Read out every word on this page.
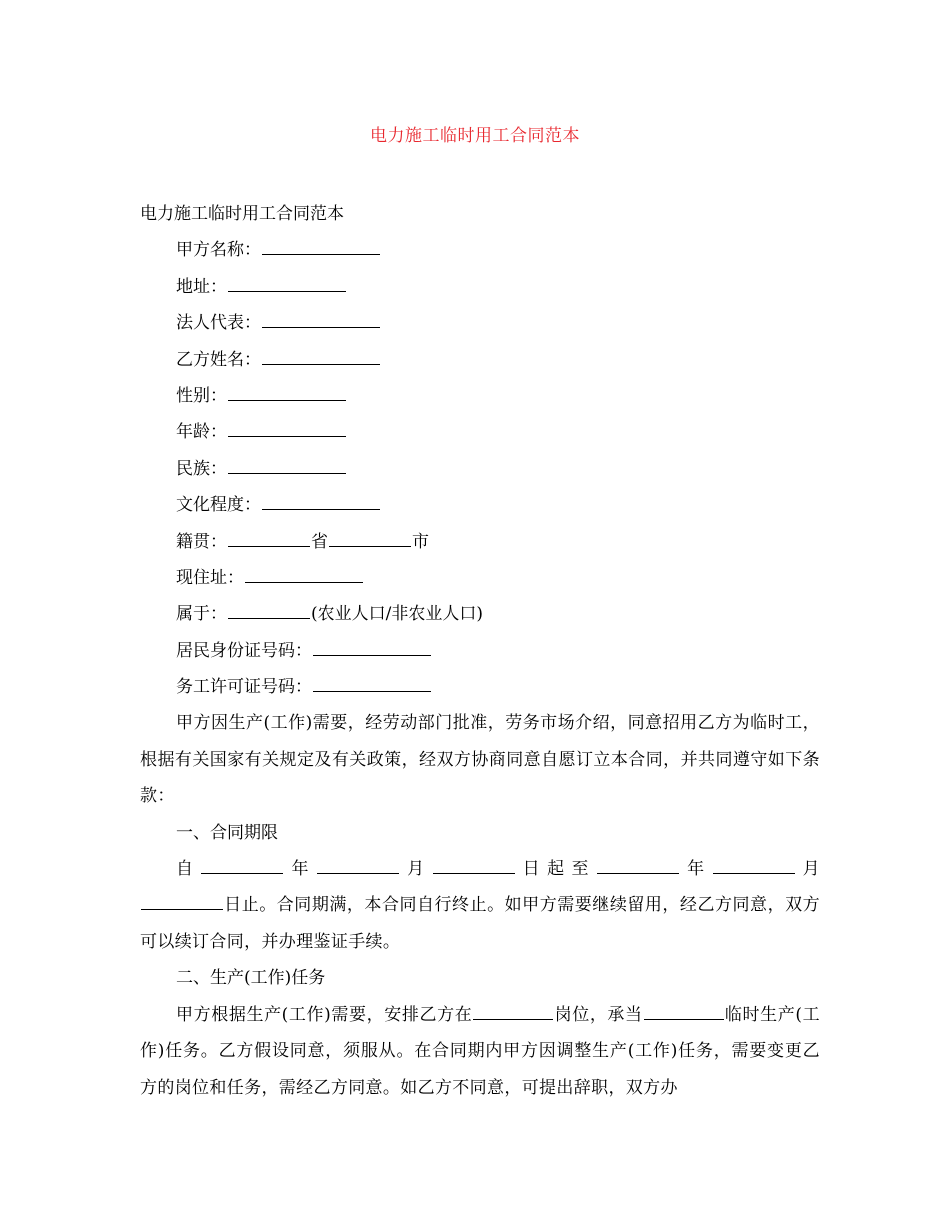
电力施工临时用工合同范本
电力施工临时用工合同范本
甲方名称：
地址：
法人代表：
乙方姓名：
性别：
年龄：
民族：
文化程度：
籍贯：	省	市
现住址：
属于：	(农业人口/非农业人口)
居民身份证号码：
务工许可证号码：
甲方因生产(工作)需要，经劳动部门批准，劳务市场介绍，同意招用乙方为临时工，根据有关国家有关规定及有关政策，经双方协商同意自愿订立本合同，并共同遵守如下条款：
一、合同期限
自	年	月	日起至	年	月 日止。合同期满，本合同自行终止。如甲方需要继续留用，经乙方同意，双方可以续订合同，并办理鉴证手续。
二、生产(工作)任务
甲方根据生产(工作)需要，安排乙方在	岗位，承当	临时生产(工作)任务。乙方假设同意，须服从。在合同期内甲方因调整生产(工作)任务，需要变更乙方的岗位和任务，需经乙方同意。如乙方不同意，可提出辞职，双方办
